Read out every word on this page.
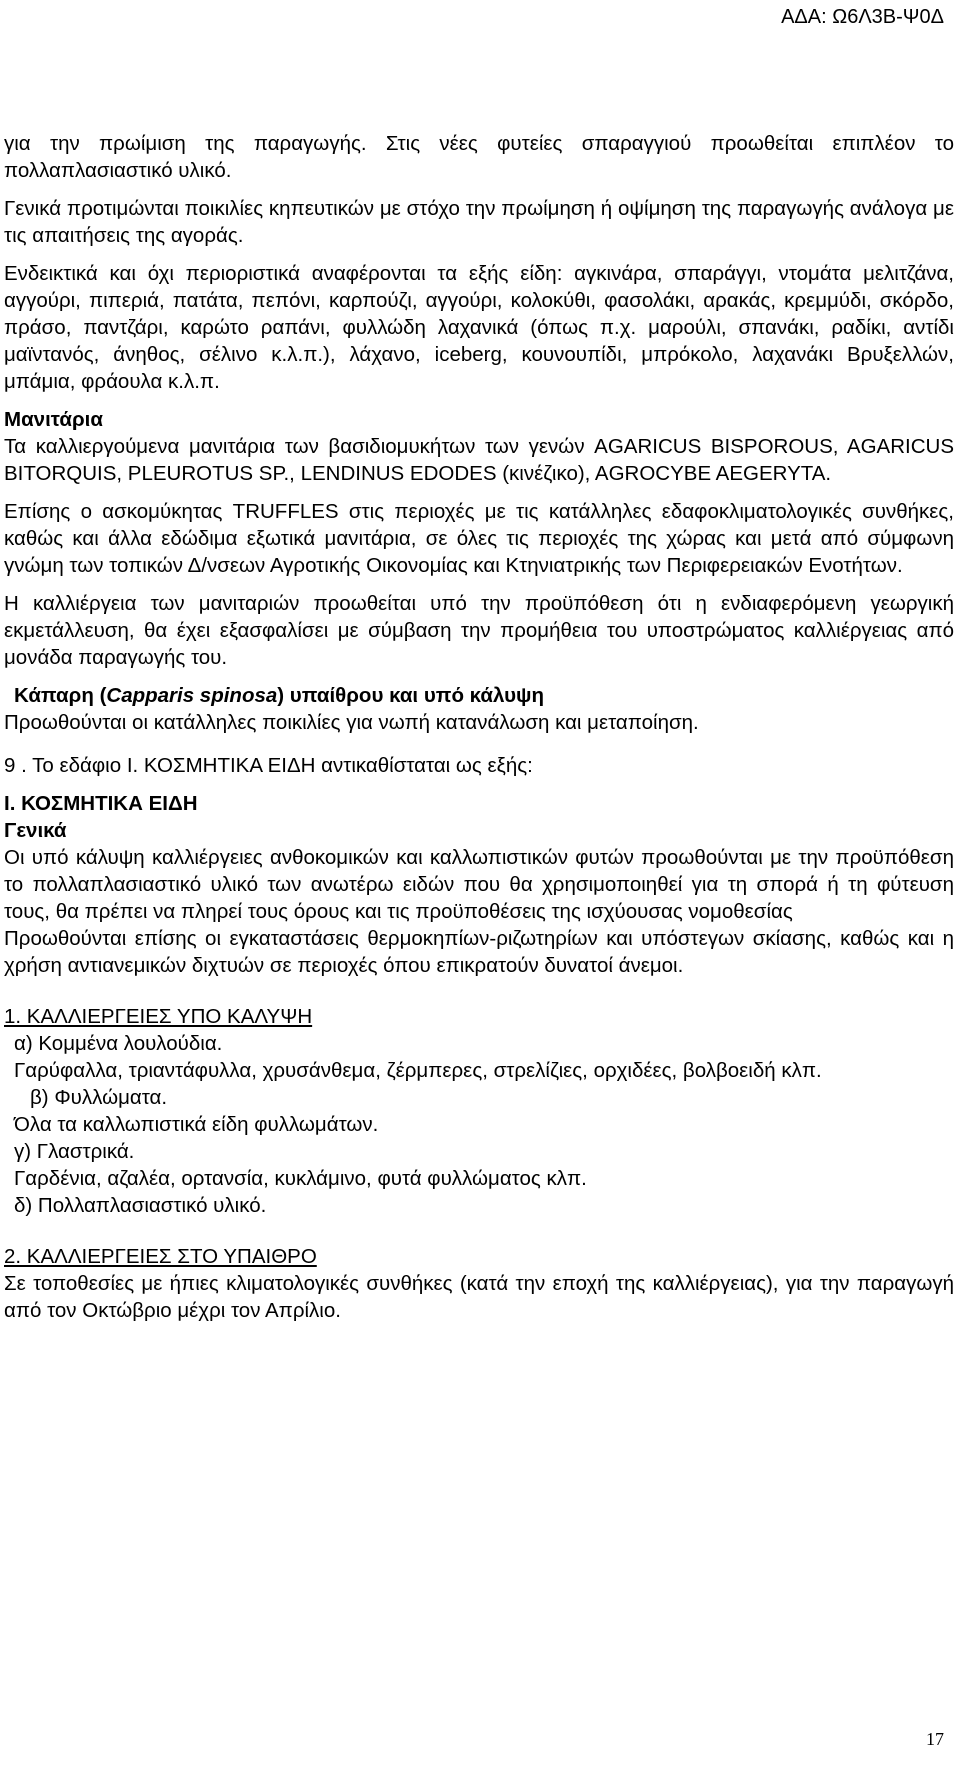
ΑΔΑ: Ω6Λ3Β-Ψ0Δ

για την πρωίμιση της παραγωγής. Στις νέες φυτείες σπαραγγιού προωθείται επιπλέον το πολλαπλασιαστικό υλικό.

Γενικά προτιμώνται ποικιλίες κηπευτικών με στόχο την πρωίμηση ή οψίμηση της παραγωγής ανάλογα με τις απαιτήσεις της αγοράς.

Ενδεικτικά και όχι περιοριστικά αναφέρονται τα εξής είδη: αγκινάρα, σπαράγγι, ντομάτα μελιτζάνα, αγγούρι, πιπεριά, πατάτα, πεπόνι, καρπούζι, αγγούρι, κολοκύθι, φασολάκι, αρακάς, κρεμμύδι, σκόρδο, πράσο, παντζάρι, καρώτο ραπάνι, φυλλώδη λαχανικά (όπως π.χ. μαρούλι, σπανάκι, ραδίκι, αντίδι μαϊντανός, άνηθος, σέλινο κ.λ.π.), λάχανο, iceberg, κουνουπίδι, μπρόκολο, λαχανάκι Βρυξελλών, μπάμια, φράουλα κ.λ.π.

Μανιτάρια

Τα καλλιεργούμενα μανιτάρια των βασιδιομυκήτων των γενών AGARICUS BISPOROUS, AGARICUS BITORQUIS, PLEUROTUS SP., LENDINUS EDODES (κινέζικο), AGROCYBE AEGERYTA.

Επίσης ο ασκομύκητας TRUFFLES στις περιοχές με τις κατάλληλες εδαφοκλιματολογικές συνθήκες, καθώς και άλλα εδώδιμα εξωτικά μανιτάρια, σε όλες τις περιοχές της χώρας και μετά από σύμφωνη γνώμη των τοπικών Δ/νσεων Αγροτικής Οικονομίας και Κτηνιατρικής των Περιφερειακών Ενοτήτων.

Η καλλιέργεια των μανιταριών προωθείται υπό την προϋπόθεση ότι η ενδιαφερόμενη γεωργική εκμετάλλευση, θα έχει εξασφαλίσει με σύμβαση την προμήθεια του υποστρώματος καλλιέργειας από μονάδα παραγωγής του.

Κάπαρη (Capparis spinosa) υπαίθρου και υπό κάλυψη

Προωθούνται οι κατάλληλες ποικιλίες για νωπή κατανάλωση και μεταποίηση.

9 . Το εδάφιο Ι. ΚΟΣΜΗΤΙΚΑ ΕΙΔΗ αντικαθίσταται ως εξής:

Ι. ΚΟΣΜΗΤΙΚΑ ΕΙΔΗ

Γενικά

Οι υπό κάλυψη καλλιέργειες ανθοκομικών και καλλωπιστικών φυτών προωθούνται με την προϋπόθεση το πολλαπλασιαστικό υλικό των ανωτέρω ειδών που θα χρησιμοποιηθεί για τη σπορά ή τη φύτευση τους, θα πρέπει να πληρεί τους όρους και τις προϋποθέσεις της ισχύουσας νομοθεσίας

Προωθούνται επίσης οι εγκαταστάσεις θερμοκηπίων-ριζωτηρίων και υπόστεγων σκίασης, καθώς και η χρήση αντιανεμικών διχτυών σε περιοχές όπου επικρατούν δυνατοί άνεμοι.

1. ΚΑΛΛΙΕΡΓΕΙΕΣ ΥΠΟ ΚΑΛΥΨΗ

α) Κομμένα λουλούδια.

Γαρύφαλλα, τριαντάφυλλα, χρυσάνθεμα, ζέρμπερες, στρελίζιες, ορχιδέες, βολβοειδή κλπ.

β) Φυλλώματα.

Όλα τα καλλωπιστικά είδη φυλλωμάτων.

γ) Γλαστρικά.

Γαρδένια, αζαλέα, ορτανσία, κυκλάμινο, φυτά φυλλώματος κλπ.

δ) Πολλαπλασιαστικό υλικό.

2. ΚΑΛΛΙΕΡΓΕΙΕΣ ΣΤΟ ΥΠΑΙΘΡΟ

Σε τοποθεσίες με ήπιες κλιματολογικές συνθήκες (κατά την εποχή της καλλιέργειας), για την παραγωγή από τον Οκτώβριο μέχρι τον Απρίλιο.

17
